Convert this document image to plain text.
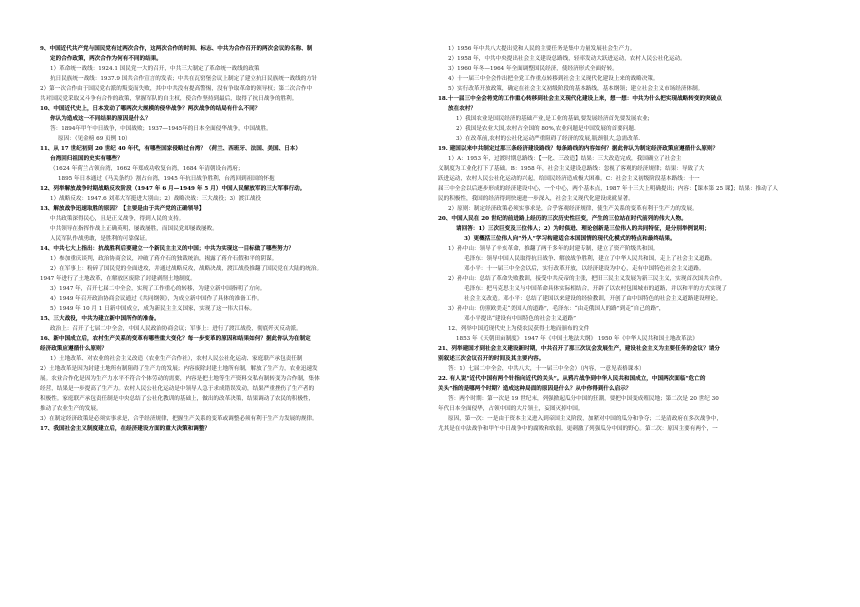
9、中国近代共产党与国民党有过两次合作，这两次合作的时间、标志、中共为合作召开的两次会议的名称、制
定的合作政策，两次合作为何有不同的结果。
1）革命统一战线：1924.1 国民党一大的召开，中共三大制定了革命统一战线的政策
抗日民族统一战线：1937.9 国共合作宣言的发表；中共在瓦窑堡会议上制定了建立抗日民族统一战线的方针
2）第一次合作由于国民党右派的叛变而失败，其中中共没有提高警惕，没有争取革命的领导权；第二次合作中
共对国民党采取又斗争有合作的政策，掌握军队的自主权，使合作坚持到最后，取得了抗日战争的胜利。
10、中国近代史上，日本发动了哪两次大规模的侵华战争？两次战争的结局有什么不同？
你认为造成这一不同结果的原因是什么？
答：1894年甲午中日战争，中国战败；1937—1945年的日本全面侵华战争，中国战胜。
原因：（见金榜 69 页例 10）
11、从 17 世纪初到 20 世纪 40 年代，有哪些国家侵略过台湾？（荷兰、西班牙、法国、美国、日本）
台湾回归祖国的史实有哪些？
（1624 年荷兰占领台湾，1662 年郑成功收复台湾，1684 年清朝设台湾府；
1895 年日本通过《马关条约》割占台湾，1945 年抗日战争胜利，台湾回到祖国的怀抱
12、列举解放战争时期战略反攻阶段（1947 年 6 月—1949 年 5 月）中国人民解放军的三大军事行动。
1）战略反攻：1947.6 刘邓大军挺进大别山；2）战略决战：三大战役；3）渡江战役
13、解放战争迅速取胜的原因？【主要是由于共产党的正确领导】
中共政策深得民心，且是正义战争，得到人民的支持。
中共领导在指挥作战上正确英明，屡战屡胜，而国民党却屡战屡败。
人民军队作战勇敢，是胜利的可靠保证。
14、中共七大上指出：抗战胜利后要建立一个新民主主义的中国；中共为实现这一目标做了哪些努力？
1）参加重庆谈判，政治协商会议，冲破了蒋介石的独裁统治，揭露了蒋介石假和平的阴谋。
2）在军事上：粉碎了国民党的全面进攻，并通过战略反攻，战略决战，渡江战役推翻了国民党在大陆的统治。
1947 年进行了土地改革，在解放区废除了封建剥削土地制度。
3）1947 年，召开七届二中全会，实现了工作重心的转移，为建立新中国指明了方向。
4）1949 年召开政治协商会议通过《共同纲领》，为成立新中国作了具体的准备工作。
5）1949 年 10 月 1 日新中国成立，成为新民主主义国家，实现了这一伟大目标。
15、三大战役，中共为建立新中国所作的准备。
政治上：召开了七届二中全会，中国人民政治协商会议；军事上：进行了渡江战役，彻底歼灭反动派。
16、新中国成立后，农村生产关系的变革有哪些重大变化？每一步变革的原因和结果如何？据此你认为在制定
经济政策应遵循什么原则？
1）土地改革、对农业的社会主义改造（农业生产合作社），农村人民公社化运动、家庭联产承包责任制
2）土地改革是因为封建土地所有制阻碍了生产力的发展；内容废除封建土地所有制，解放了生产力，农业迅速发
展。农业合作化是因为生产力水平不符合个体劳动的需要，内容是把土地等生产资料交私有制转变为合作制，集体
经营，结果是一步提高了生产力。农村人民公社化运动是中领导人急于求成错误发动，结果严重挫伤了生产者的
积极性。家庭联产承包责任制是中央总结了公社化教训的基础上，做出的改革决策，结果调动了农民的积极性，
推动了农业生产的发展。
3）在制定经济政策是必须实事求是，合乎经济规律，把握生产关系的变革或调整必须有利于生产力发展的规律。
17、我国社会主义制度建立后，在经济建设方面的重大决策和调整？
1）1956 年中共八大提出党和人民的主要任务是集中力量发展社会生产力。
2）1958 年，中共中央提出社会主义建设总路线，轻率发动大跃进运动，农村人民公社化运动。
3）1960 年冬—1964 年全面调整国民经济，使经济形式全面好转。
4）十一届三中全会作出把全党工作重点转移到社会主义现代化建设上来的战略决策。
5）实行改革开放政策，确定在社会主义初级阶段的基本路线，基本纲领；建立社会主义市场经济体制。
18.十一届三中全会将党的工作重心转移到社会主义现代化建设上来，想一想：中共为什么把实现战略转变的突破点
放在农村？
1）我国农业是国民经济的基础产业,是工业的基础,要发展经济首先要发展农业;
2）我国是农业大国,农村占全国的 80%,农业问题是中国发展的首要问题.
3）在改革前,农村的公社化运动严重阻碍了经济的发展,瓶颈很大,急需改革.
19. 建国以来中共制定过那三条经济建设路线？每条路线的内容如何？据此你认为制定经济政策应遵循什么原则？
1）A：1953 年，过渡时期总路线：【一化、三改造】结果：三大改造完成，我国确立了社会主
义制度为工业化打下了基础。B：1958 年，社会主义建设总路线：忽视了客观的经济规律；结果：导致了大
跃进运动，农村人民公社化运动的兴起，给国民经济造成极大困难。C：社会主义初级阶段基本路线：十一
届三中全会以后逐步形成的经济建设中心，一个中心，两个基本点，1987 年十三大上明确提出；内容：【课本第 25 课】；结果：推动了人
民的积极性，我国的经济得到快速进一步深入，社会主义现代化建设成就显著。
2）原则：制定经济政策必须实事求是，合乎客观经济规律，使生产关系的变革有利于生产力的发展。
20、中国人民在 20 世纪的前进路上经历的三次历史性巨变，产生的三位站在时代前列的伟大人物。
请回答：1）三次巨变及三位伟人；2）为时俱进、理论创新是三位伟人的共同特征，是分别举例说明；
3）更概括三位伟人向“外人”学习构建适合本国国情的现代化模式的特点和最终结果。
1）孙中山：领导了辛亥革命，推翻了两千多年的封建专制，建立了资产阶级共和国。
毛泽东：领导中国人民取得抗日战争、解放战争胜利，建立了中华人民共和国，走上了社会主义道路。
邓小平：十一届三中全会以后，实行改革开放，以经济建设为中心，走有中国特色社会主义道路。
2）孙中山：总结了革命失败教训，接受中共反帝的主张，把旧三民主义发展为新三民主义，实现首次国共合作。
毛泽东：把马克思主义与中国革命具体实际相结合，开辟了以农村包围城市的道路，并以和平的方式实现了
社会主义改造。邓小平：总结了建国以来建设的经验教训，开创了由中国特色的社会主义道路建设理论。
3）孙中山：仿照欧美走“美国人的道路”，毛泽东：“由走俄国人的路”到走“自己的路”，
邓小平提出“建设有中国特色的社会主义道路”
12、列举中国近现代史上为使农民获得土地而颁布的文件
1853 年《天朝田亩制度》 1947 年《中国土地法大纲》 1950 年《中华人民共和国土地改革法》
21、列举建国才到社会主义建设新时期，中共召开了那三次议会发展生产，建设社会主义为主要任务的会议？请分
别叙述三次会议召开的时间及其主要内容。
答：1）七届二中全会，中共八大，十一届三中全会）（内容，一意见表格课本）
22. 有人说“近代中国有两个针指向近代的关头”。从鸦片战争到中华人民共和国成立，中国两次面临“危亡的
关头”指的是哪两个时期？造成这种局面的原因是什么？从中你得到什么启示？
答：两个时期：第一次是 19 世纪末，列强掀起瓜分中国的狂潮，要把中国变成殖民地；第二次是 20 世纪 30
年代日本全面侵华，占领中国的大片领土，妄图灭掉中国。
原因，第一次：一是由于资本主义进入到帝国主义阶段，加紧对中国的瓜分和争夺；二是清政府在多次战争中，
尤其是在中法战争和甲午中日战争中的腐败和软弱，更刺激了列强瓜分中国的野心。第二次：原因主要有两个，一
